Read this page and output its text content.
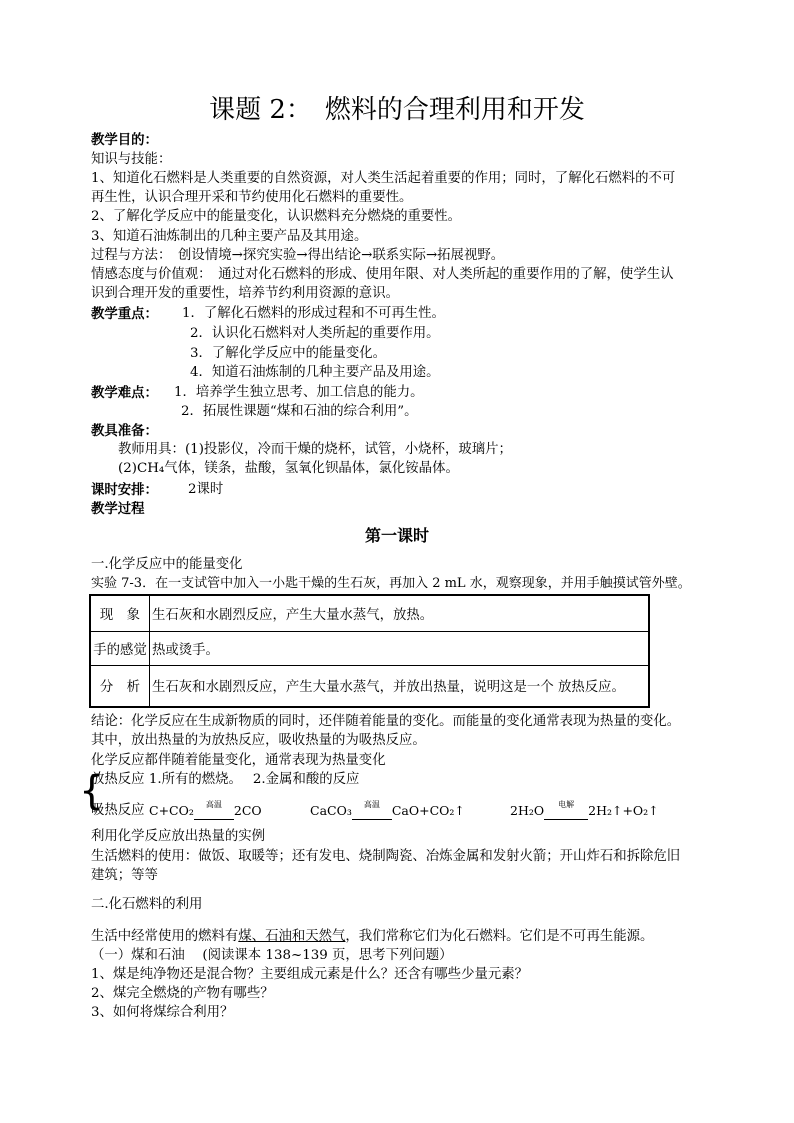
课题 2：　燃料的合理利用和开发
教学目的：
知识与技能：
1、知道化石燃料是人类重要的自然资源，对人类生活起着重要的作用；同时，了解化石燃料的不可
再生性，认识合理开采和节约使用化石燃料的重要性。
2、了解化学反应中的能量变化，认识燃料充分燃烧的重要性。
3、知道石油炼制出的几种主要产品及其用途。
过程与方法：　创设情境→探究实验→得出结论→联系实际→拓展视野。
情感态度与价值观：　通过对化石燃料的形成、使用年限、对人类所起的重要作用的了解，使学生认
识到合理开发的重要性，培养节约利用资源的意识。
教学重点： 1．了解化石燃料的形成过程和不可再生性。
2．认识化石燃料对人类所起的重要作用。
3．了解化学反应中的能量变化。
4．知道石油炼制的几种主要产品及用途。
教学难点： 1．培养学生独立思考、加工信息的能力。
2．拓展性课题“煤和石油的综合利用”。
教具准备：
教师用具：(1)投影仪，冷而干燥的烧杯，试管，小烧杯，玻璃片；
(2)CH₄气体，镁条，盐酸，氢氧化钡晶体，氯化铵晶体。
课时安排： 2课时
教学过程
第一课时
一.化学反应中的能量变化
实验 7-3．在一支试管中加入一小匙干燥的生石灰，再加入 2 mL 水，观察现象，并用手触摸试管外壁。
现　象	生石灰和水剧烈反应，产生大量水蒸气，放热。
手的感觉	热或烫手。
分　析	生石灰和水剧烈反应，产生大量水蒸气，并放出热量，说明这是一个 放热反应。
结论：化学反应在生成新物质的同时，还伴随着能量的变化。而能量的变化通常表现为热量的变化。
其中，放出热量的为放热反应，吸收热量的为吸热反应。
化学反应都伴随着能量变化，通常表现为热量变化
{
放热反应 1.所有的燃烧。　 2.金属和酸的反应
吸热反应 C+CO₂	高温 2CO	CaCO₃	高温 CaO+CO₂↑	2H₂O	电解	2H₂↑+O₂↑
利用化学反应放出热量的实例
生活燃料的使用：做饭、取暖等；还有发电、烧制陶瓷、冶炼金属和发射火箭；开山炸石和拆除危旧
建筑；等等
二.化石燃料的利用
生活中经常使用的燃料有煤、石油和天然气，我们常称它们为化石燃料。它们是不可再生能源。
（一）煤和石油　 (阅读课本 138~139 页，思考下列问题）
1、煤是纯净物还是混合物？主要组成元素是什么？还含有哪些少量元素？
2、煤完全燃烧的产物有哪些？
3、如何将煤综合利用？
